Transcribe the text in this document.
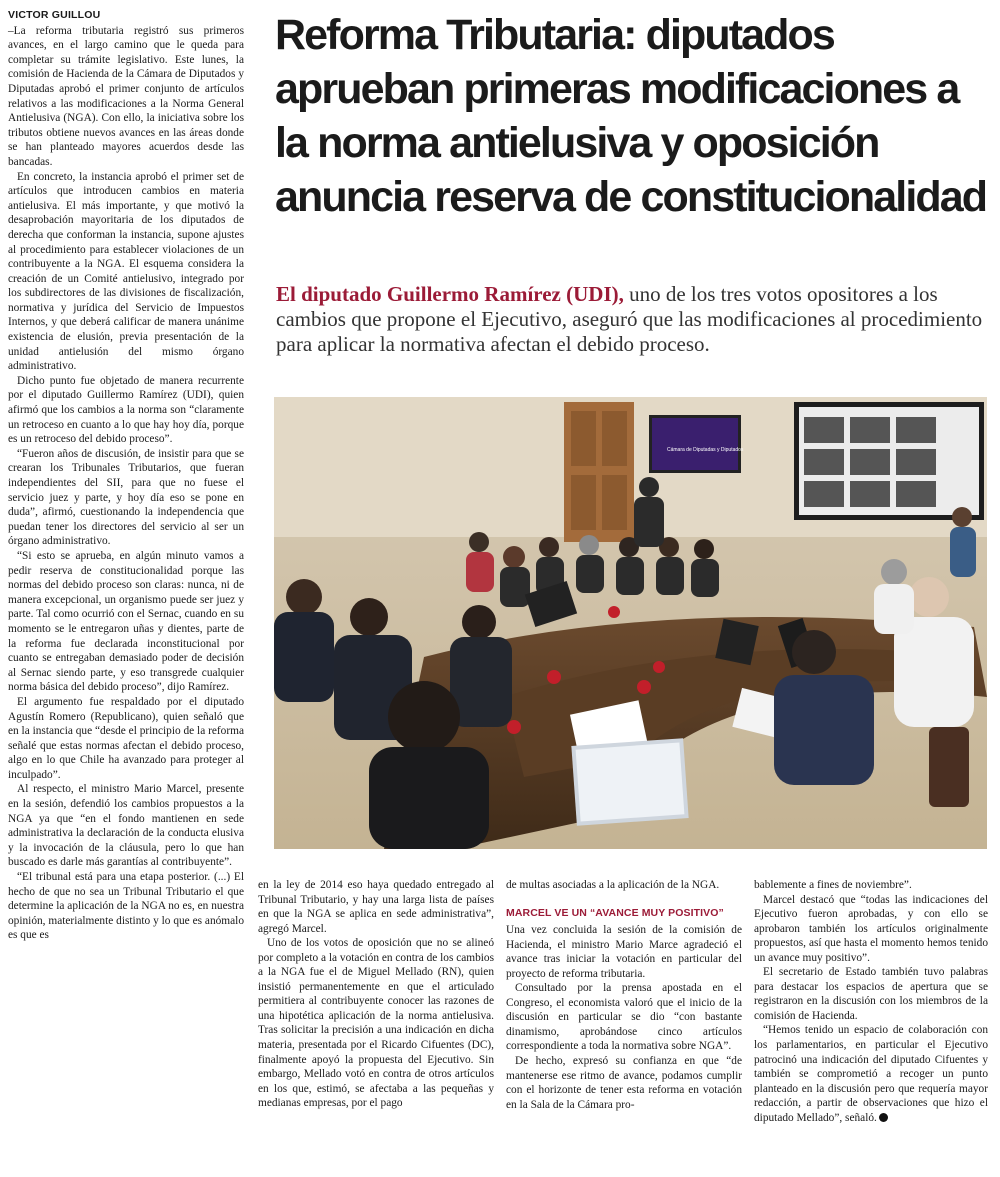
VICTOR GUILLOU

–La reforma tributaria registró sus primeros avances, en el largo camino que le queda para completar su trámite legislativo. Este lunes, la comisión de Hacienda de la Cámara de Diputados y Diputadas aprobó el primer conjunto de artículos relativos a las modificaciones a la Norma General Antielusiva (NGA). Con ello, la iniciativa sobre los tributos obtiene nuevos avances en las áreas donde se han planteado mayores acuerdos desde las bancadas.

En concreto, la instancia aprobó el primer set de artículos que introducen cambios en materia antielusiva. El más importante, y que motivó la desaprobación mayoritaria de los diputados de derecha que conforman la instancia, supone ajustes al procedimiento para establecer violaciones de un contribuyente a la NGA. El esquema considera la creación de un Comité antielusivo, integrado por los subdirectores de las divisiones de fiscalización, normativa y jurídica del Servicio de Impuestos Internos, y que deberá calificar de manera unánime existencia de elusión, previa presentación de la unidad antielusión del mismo órgano administrativo.

Dicho punto fue objetado de manera recurrente por el diputado Guillermo Ramírez (UDI), quien afirmó que los cambios a la norma son “claramente un retroceso en cuanto a lo que hay hoy día, porque es un retroceso del debido proceso”.

“Fueron años de discusión, de insistir para que se crearan los Tribunales Tributarios, que fueran independientes del SII, para que no fuese el servicio juez y parte, y hoy día eso se pone en duda”, afirmó, cuestionando la independencia que puedan tener los directores del servicio al ser un órgano administrativo.

“Si esto se aprueba, en algún minuto vamos a pedir reserva de constitucionalidad porque las normas del debido proceso son claras: nunca, ni de manera excepcional, un organismo puede ser juez y parte. Tal como ocurrió con el Sernac, cuando en su momento se le entregaron uñas y dientes, parte de la reforma fue declarada inconstitucional por cuanto se entregaban demasiado poder de decisión al Sernac siendo parte, y eso transgrede cualquier norma básica del debido proceso”, dijo Ramírez.

El argumento fue respaldado por el diputado Agustín Romero (Republicano), quien señaló que en la instancia que “desde el principio de la reforma señalé que estas normas afectan el debido proceso, algo en lo que Chile ha avanzado para proteger al inculpado”.

Al respecto, el ministro Mario Marcel, presente en la sesión, defendió los cambios propuestos a la NGA ya que “en el fondo mantienen en sede administrativa la declaración de la conducta elusiva y la invocación de la cláusula, pero lo que han buscado es darle más garantías al contribuyente”.

“El tribunal está para una etapa posterior. (...) El hecho de que no sea un Tribunal Tributario el que determine la aplicación de la NGA no es, en nuestra opinión, materialmente distinto y lo que es anómalo es que es

Reforma Tributaria: diputados aprueban primeras modificaciones a la norma antielusiva y oposición anuncia reserva de constitucionalidad

El diputado Guillermo Ramírez (UDI), uno de los tres votos opositores a los cambios que propone el Ejecutivo, aseguró que las modificaciones al procedimiento para aplicar la normativa afectan el debido proceso.

Cámara de Diputadas y Diputados

en la ley de 2014 eso haya quedado entregado al Tribunal Tributario, y hay una larga lista de países en que la NGA se aplica en sede administrativa”, agregó Marcel.

Uno de los votos de oposición que no se alineó por completo a la votación en contra de los cambios a la NGA fue el de Miguel Mellado (RN), quien insistió permanentemente en que el articulado permitiera al contribuyente conocer las razones de una hipotética aplicación de la norma antielusiva. Tras solicitar la precisión a una indicación en dicha materia, presentada por el Ricardo Cifuentes (DC), finalmente apoyó la propuesta del Ejecutivo. Sin embargo, Mellado votó en contra de otros artículos en los que, estimó, se afectaba a las pequeñas y medianas empresas, por el pago

de multas asociadas a la aplicación de la NGA.

MARCEL VE UN “AVANCE MUY POSITIVO”

Una vez concluida la sesión de la comisión de Hacienda, el ministro Mario Marce agradeció el avance tras iniciar la votación en particular del proyecto de reforma tributaria.

Consultado por la prensa apostada en el Congreso, el economista valoró que el inicio de la discusión en particular se dio “con bastante dinamismo, aprobándose cinco artículos correspondiente a toda la normativa sobre NGA”.

De hecho, expresó su confianza en que “de mantenerse ese ritmo de avance, podamos cumplir con el horizonte de tener esta reforma en votación en la Sala de la Cámara pro-

bablemente a fines de noviembre”.

Marcel destacó que “todas las indicaciones del Ejecutivo fueron aprobadas, y con ello se aprobaron también los artículos originalmente propuestos, así que hasta el momento hemos tenido un avance muy positivo”.

El secretario de Estado también tuvo palabras para destacar los espacios de apertura que se registraron en la discusión con los miembros de la comisión de Hacienda.

“Hemos tenido un espacio de colaboración con los parlamentarios, en particular el Ejecutivo patrocinó una indicación del diputado Cifuentes y también se comprometió a recoger un punto planteado en la discusión pero que requería mayor redacción, a partir de observaciones que hizo el diputado Mellado”, señaló.
